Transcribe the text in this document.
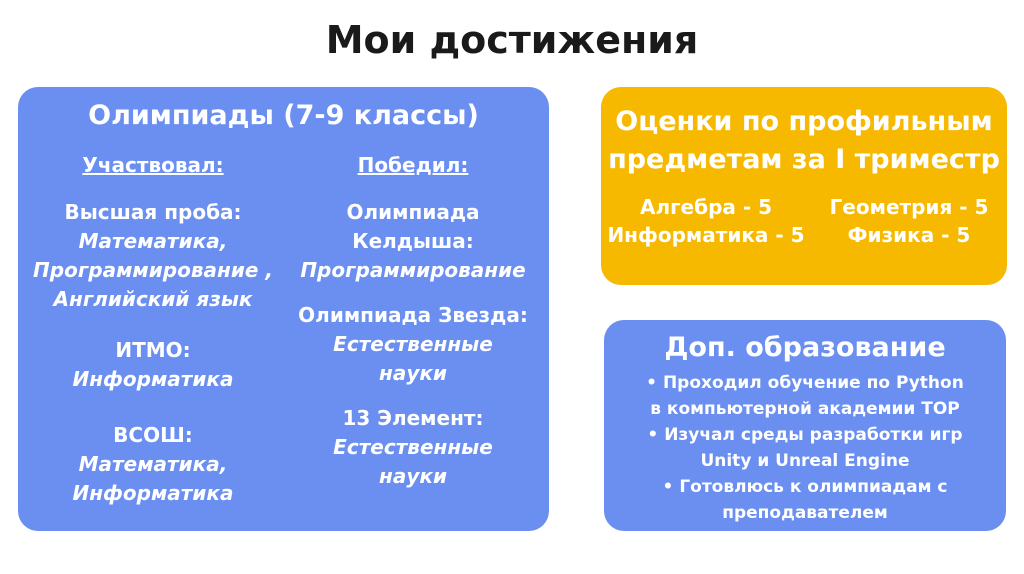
Мои достижения
Олимпиады (7-9 классы)
Участвовал:
Высшая проба:
Математика, Программирование , Английский язык
ИТМО:
Информатика
ВСОШ:
Математика, Информатика
Победил:
Олимпиада Келдыша:
Программирование
Олимпиада Звезда:
Естественные науки
13 Элемент:
Естественные науки
Оценки по профильным предметам за I триместр
Алгебра - 5	Геометрия - 5
Информатика - 5	Физика - 5
Доп. образование
• Проходил обучение по Python в компьютерной академии TOP
• Изучал среды разработки игр Unity и Unreal Engine
• Готовлюсь к олимпиадам с преподавателем
